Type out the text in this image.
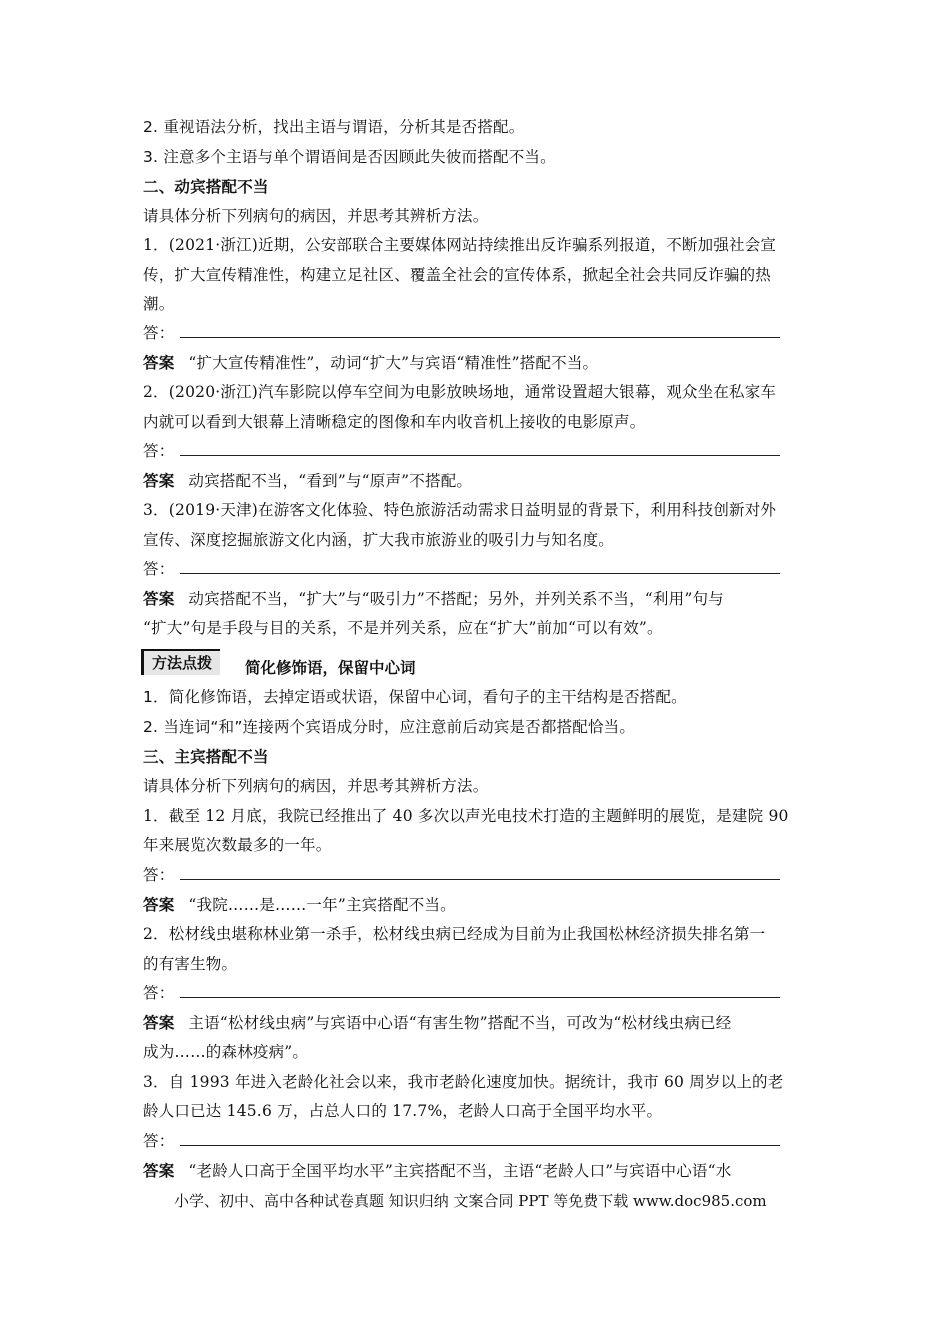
2. 重视语法分析，找出主语与谓语，分析其是否搭配。
3. 注意多个主语与单个谓语间是否因顾此失彼而搭配不当。
二、动宾搭配不当
请具体分析下列病句的病因，并思考其辨析方法。
1．(2021·浙江)近期，公安部联合主要媒体网站持续推出反诈骗系列报道，不断加强社会宣
传，扩大宣传精准性，构建立足社区、覆盖全社会的宣传体系，掀起全社会共同反诈骗的热
潮。
答：
答案 “扩大宣传精准性”，动词“扩大”与宾语“精准性”搭配不当。
2．(2020·浙江)汽车影院以停车空间为电影放映场地，通常设置超大银幕，观众坐在私家车
内就可以看到大银幕上清晰稳定的图像和车内收音机上接收的电影原声。
答：
答案 动宾搭配不当，“看到”与“原声”不搭配。
3．(2019·天津)在游客文化体验、特色旅游活动需求日益明显的背景下，利用科技创新对外
宣传、深度挖掘旅游文化内涵，扩大我市旅游业的吸引力与知名度。
答：
答案 动宾搭配不当，“扩大”与“吸引力”不搭配；另外，并列关系不当，“利用”句与
“扩大”句是手段与目的关系，不是并列关系，应在“扩大”前加“可以有效”。
方法点拨	简化修饰语，保留中心词
1．简化修饰语，去掉定语或状语，保留中心词，看句子的主干结构是否搭配。
2. 当连词“和”连接两个宾语成分时，应注意前后动宾是否都搭配恰当。
三、主宾搭配不当
请具体分析下列病句的病因，并思考其辨析方法。
1．截至 12 月底，我院已经推出了 40 多次以声光电技术打造的主题鲜明的展览，是建院 90
年来展览次数最多的一年。
答：
答案 “我院……是……一年”主宾搭配不当。
2．松材线虫堪称林业第一杀手，松材线虫病已经成为目前为止我国松林经济损失排名第一
的有害生物。
答：
答案 主语“松材线虫病”与宾语中心语“有害生物”搭配不当，可改为“松材线虫病已经
成为……的森林疫病”。
3．自 1993 年进入老龄化社会以来，我市老龄化速度加快。据统计，我市 60 周岁以上的老
龄人口已达 145.6 万，占总人口的 17.7%，老龄人口高于全国平均水平。
答：
答案 “老龄人口高于全国平均水平”主宾搭配不当，主语“老龄人口”与宾语中心语“水
小学、初中、高中各种试卷真题 知识归纳 文案合同 PPT 等免费下载 www.doc985.com
